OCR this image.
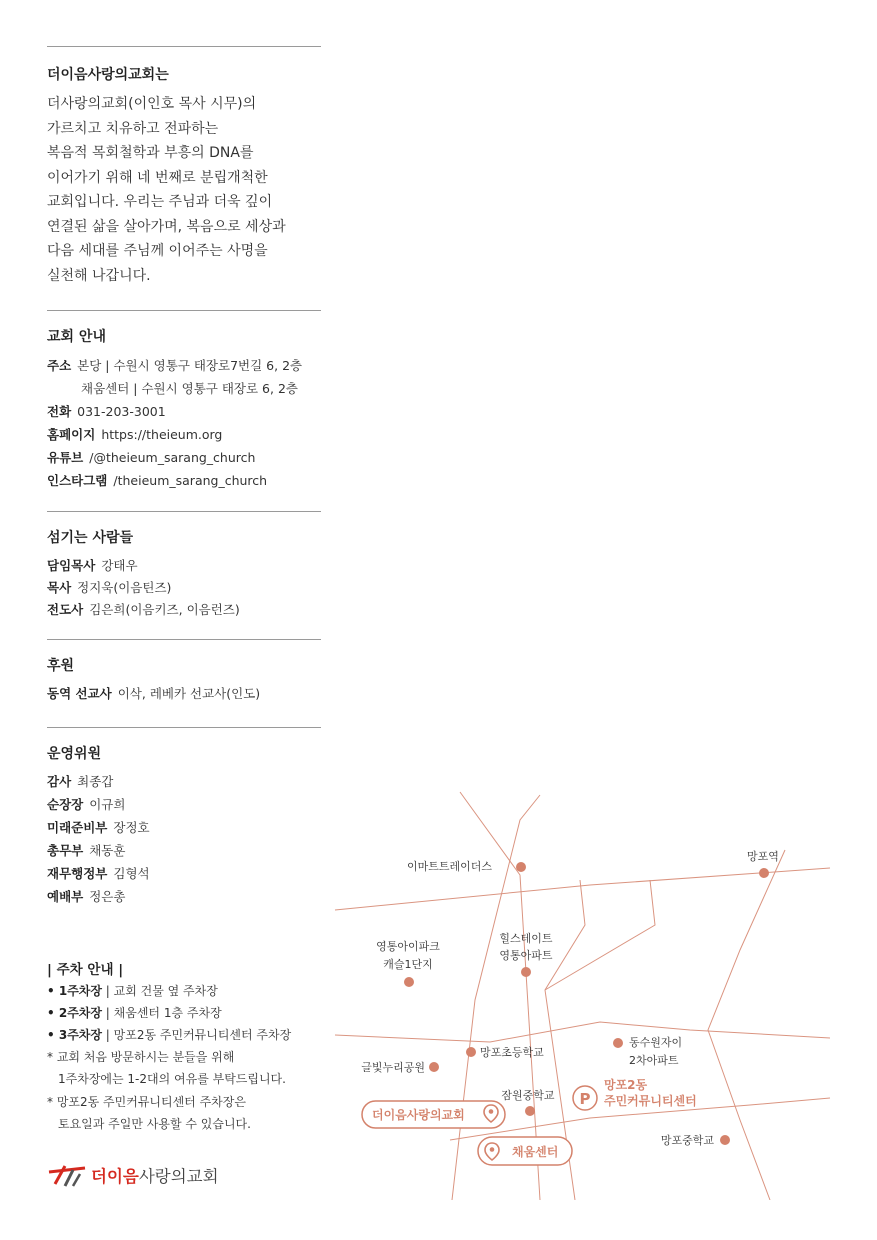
더이음사랑의교회는
더사랑의교회(이인호 목사 시무)의
가르치고 치유하고 전파하는
복음적 목회철학과 부흥의 DNA를
이어가기 위해 네 번째로 분립개척한
교회입니다. 우리는 주님과 더욱 깊이
연결된 삶을 살아가며, 복음으로 세상과
다음 세대를 주님께 이어주는 사명을
실천해 나갑니다.
교회 안내
주소 본당 | 수원시 영통구 태장로7번길 6, 2층
채움센터 | 수원시 영통구 태장로 6, 2층
전화 031-203-3001
홈페이지 https://theieum.org
유튜브 /@theieum_sarang_church
인스타그램 /theieum_sarang_church
섬기는 사람들
담임목사 강태우
목사 정지욱(이음틴즈)
전도사 김은희(이음키즈, 이음런즈)
후원
동역 선교사 이삭, 레베카 선교사(인도)
운영위원
감사 최종갑
순장장 이규희
미래준비부 장정호
총무부 채동훈
재무행정부 김형석
예배부 정은총
| 주차 안내 |
• 1주차장 | 교회 건물 옆 주차장
• 2주차장 | 채움센터 1층 주차장
• 3주차장 | 망포2동 주민커뮤니티센터 주차장
* 교회 처음 방문하시는 분들을 위해
1주차장에는 1-2대의 여유를 부탁드립니다.
* 망포2동 주민커뮤니티센터 주차장은
토요일과 주일만 사용할 수 있습니다.
더이음사랑의교회
이마트트레이더스
망포역
영통아이파크
캐슬1단지
힐스테이트
영통아파트
망포초등학교
동수원자이
2차아파트
글빛누리공원
잠원중학교
망포중학교
P
망포2동
주민커뮤니티센터
더이음사랑의교회
채움센터
